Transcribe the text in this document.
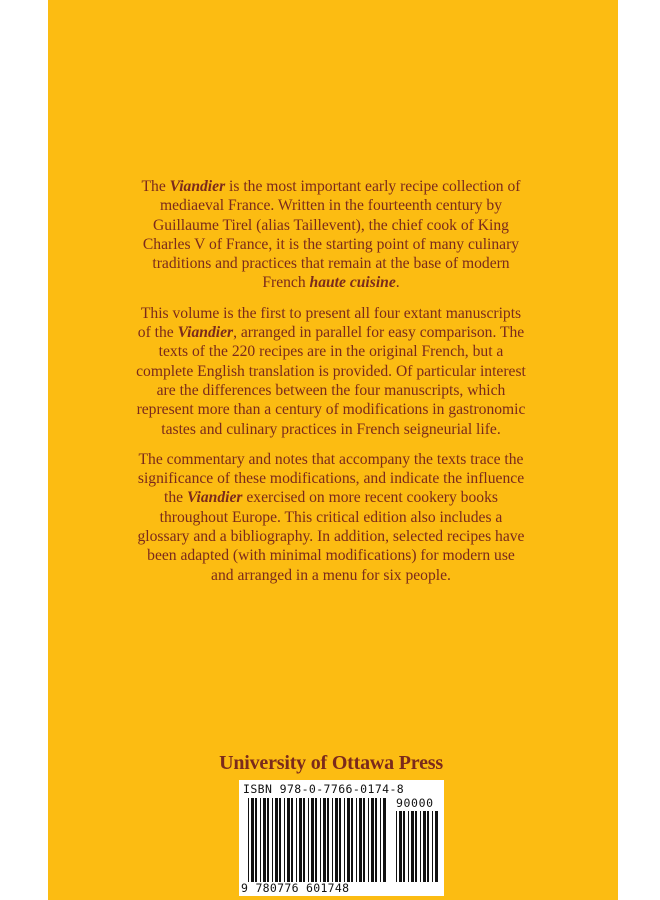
The Viandier is the most important early recipe collection of mediaeval France. Written in the fourteenth century by Guillaume Tirel (alias Taillevent), the chief cook of King Charles V of France, it is the starting point of many culinary traditions and practices that remain at the base of modern French haute cuisine.

This volume is the first to present all four extant manuscripts of the Viandier, arranged in parallel for easy comparison. The texts of the 220 recipes are in the original French, but a complete English translation is provided. Of particular interest are the differences between the four manuscripts, which represent more than a century of modifications in gastronomic tastes and culinary practices in French seigneurial life.

The commentary and notes that accompany the texts trace the significance of these modifications, and indicate the influence the Viandier exercised on more recent cookery books throughout Europe. This critical edition also includes a glossary and a bibliography. In addition, selected recipes have been adapted (with minimal modifications) for modern use and arranged in a menu for six people.

University of Ottawa Press
ISBN 978-0-7766-0174-8
90000
9 780776 601748
